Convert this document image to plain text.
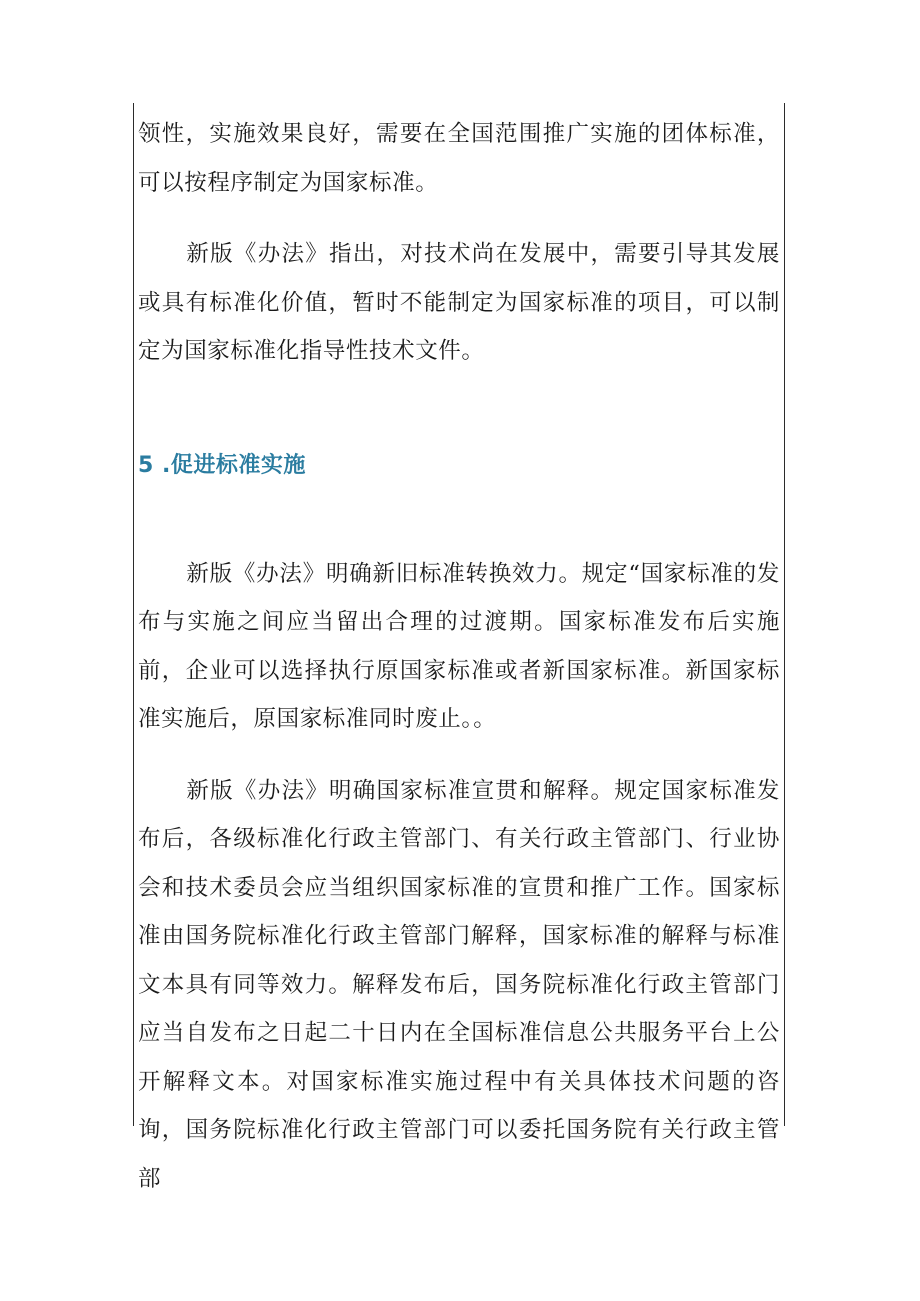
领性，实施效果良好，需要在全国范围推广实施的团体标准，可以按程序制定为国家标准。

新版《办法》指出，对技术尚在发展中，需要引导其发展或具有标准化价值，暂时不能制定为国家标准的项目，可以制定为国家标准化指导性技术文件。

5 .促进标准实施

新版《办法》明确新旧标准转换效力。规定“国家标准的发布与实施之间应当留出合理的过渡期。国家标准发布后实施前，企业可以选择执行原国家标准或者新国家标准。新国家标准实施后，原国家标准同时废止。。

新版《办法》明确国家标准宣贯和解释。规定国家标准发布后，各级标准化行政主管部门、有关行政主管部门、行业协会和技术委员会应当组织国家标准的宣贯和推广工作。国家标准由国务院标准化行政主管部门解释，国家标准的解释与标准文本具有同等效力。解释发布后，国务院标准化行政主管部门应当自发布之日起二十日内在全国标准信息公共服务平台上公开解释文本。对国家标准实施过程中有关具体技术问题的咨询，国务院标准化行政主管部门可以委托国务院有关行政主管部
